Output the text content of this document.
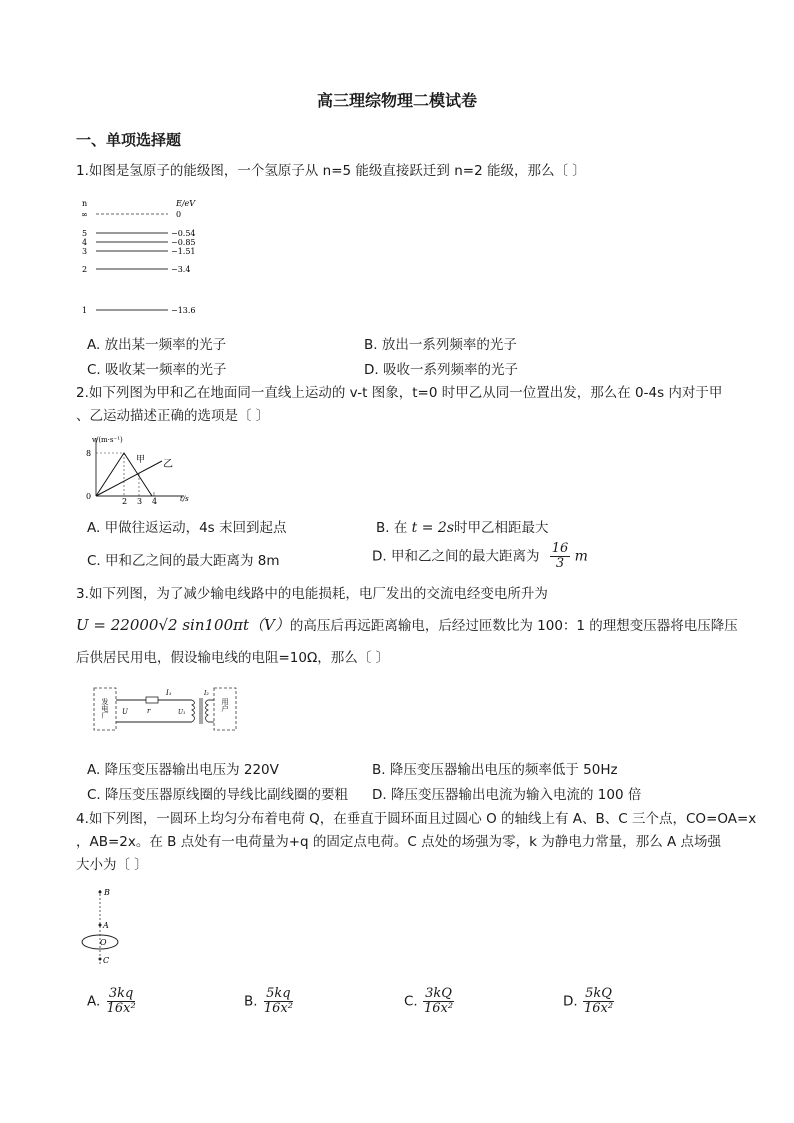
高三理综物理二模试卷
一、单项选择题
1.如图是氢原子的能级图，一个氢原子从 n=5 能级直接跃迁到 n=2 能级，那么〔 〕
n	E/eV
∞	0
5	−0.54
4	−0.85
3	−1.51
2	−3.4
1	−13.6
A. 放出某一频率的光子	B. 放出一系列频率的光子
C. 吸收某一频率的光子	D. 吸收一系列频率的光子
2.如下列图为甲和乙在地面同一直线上运动的 v-t 图象，t=0 时甲乙从同一位置出发，那么在 0-4s 内对于甲
、乙运动描述正确的选项是〔 〕
v/(m·s⁻¹)
t/s
0
8
甲 乙
2 3 4
A. 甲做往返运动，4s 末回到起点	B. 在 t = 2s时甲乙相距最大
C. 甲和乙之间的最大距离为 8m	D. 甲和乙之间的最大距离为 $\frac{16}{3}$ m
3.如下列图，为了减少输电线路中的电能损耗，电厂发出的交流电经变电所升为
U = 22000√2 sin100πt（V）的高压后再远距离输电，后经过匝数比为 100：1 的理想变压器将电压降压
后供居民用电，假设输电线的电阻=10Ω，那么〔 〕
发电厂	用户
r
I₁	I₂
U	U₁
A. 降压变压器输出电压为 220V	B. 降压变压器输出电压的频率低于 50Hz
C. 降压变压器原线圈的导线比副线圈的要粗 D. 降压变压器输出电流为输入电流的 100 倍
4.如下列图，一圆环上均匀分布着电荷 Q，在垂直于圆环面且过圆心 O 的轴线上有 A、B、C 三个点，CO=OA=x
，AB=2x。在 B 点处有一电荷量为+q 的固定点电荷。C 点处的场强为零，k 为静电力常量，那么 A 点场强
大小为〔 〕
B
A
O
C
A. $\frac{3kq}{\text{16x²}}$	B. $\frac{5kq}{\text{16x²}}$	C. $\frac{3kQ}{\text{16x²}}$	D. $\frac{5kQ}{\text{16x²}}$
